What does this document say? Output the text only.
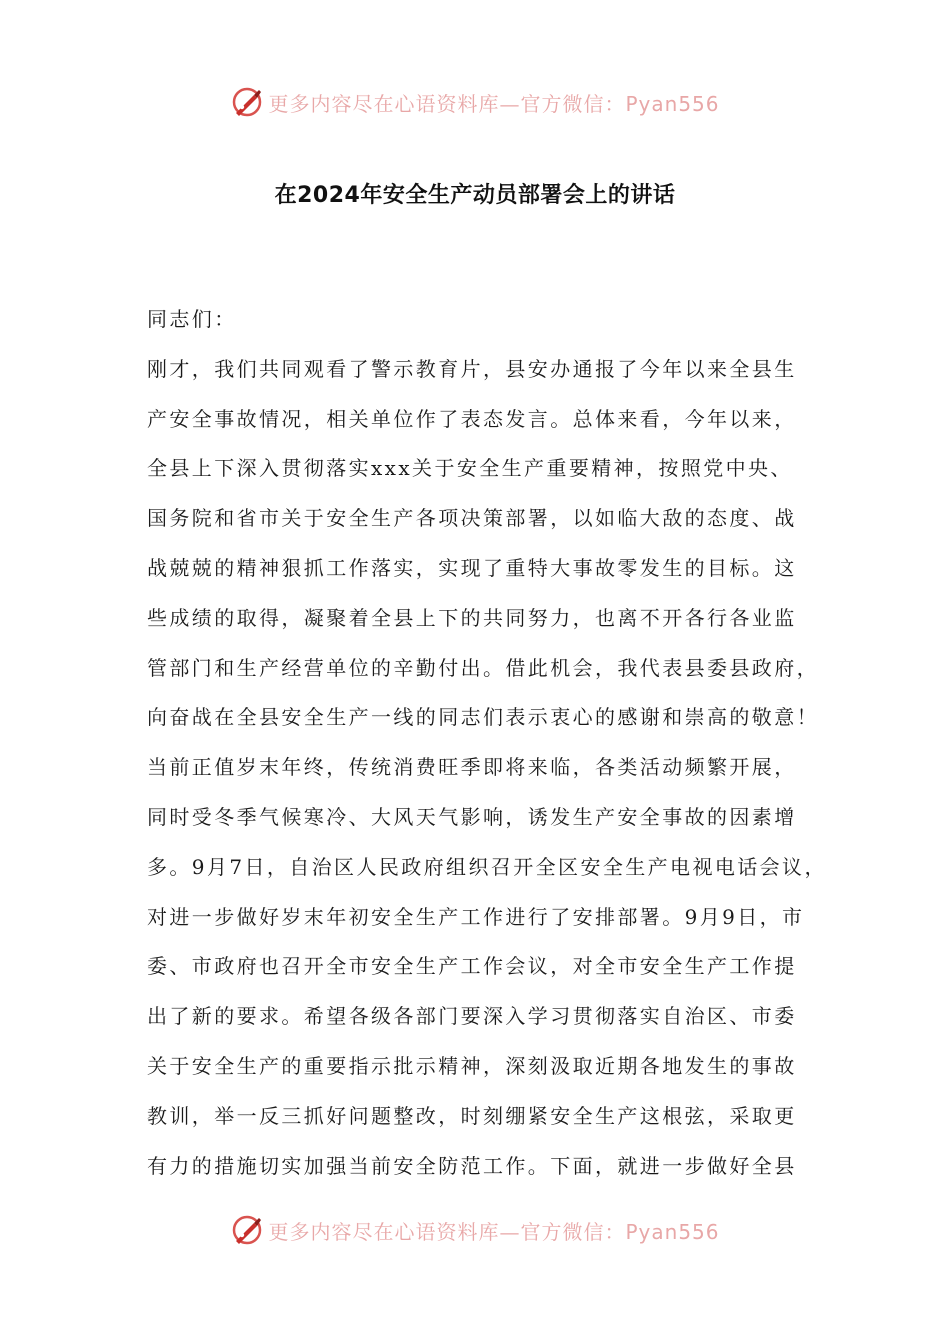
更多内容尽在心语资料库—官方微信：Pyan556
在2024年安全生产动员部署会上的讲话
同志们：
刚才，我们共同观看了警示教育片，县安办通报了今年以来全县生
产安全事故情况，相关单位作了表态发言。总体来看，今年以来，
全县上下深入贯彻落实xxx关于安全生产重要精神，按照党中央、
国务院和省市关于安全生产各项决策部署，以如临大敌的态度、战
战兢兢的精神狠抓工作落实，实现了重特大事故零发生的目标。这
些成绩的取得，凝聚着全县上下的共同努力，也离不开各行各业监
管部门和生产经营单位的辛勤付出。借此机会，我代表县委县政府，
向奋战在全县安全生产一线的同志们表示衷心的感谢和崇高的敬意！
当前正值岁末年终，传统消费旺季即将来临，各类活动频繁开展，
同时受冬季气候寒冷、大风天气影响，诱发生产安全事故的因素增
多。9月7日，自治区人民政府组织召开全区安全生产电视电话会议，
对进一步做好岁末年初安全生产工作进行了安排部署。9月9日，市
委、市政府也召开全市安全生产工作会议，对全市安全生产工作提
出了新的要求。希望各级各部门要深入学习贯彻落实自治区、市委
关于安全生产的重要指示批示精神，深刻汲取近期各地发生的事故
教训，举一反三抓好问题整改，时刻绷紧安全生产这根弦，采取更
有力的措施切实加强当前安全防范工作。下面，就进一步做好全县
更多内容尽在心语资料库—官方微信：Pyan556
